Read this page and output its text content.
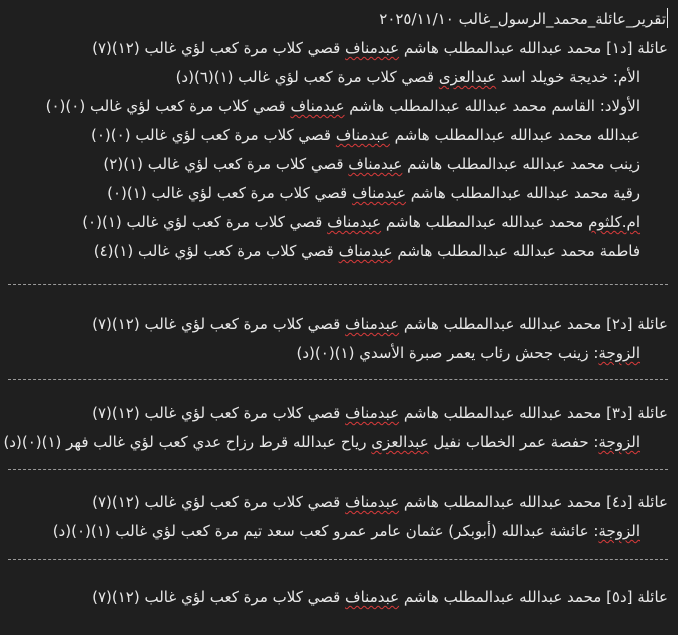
تقرير_عائلة_محمد_الرسول_غالب ٢٠٢٥/١١/١٠
عائلة [د١] محمد عبدالله عبدالمطلب هاشم عبدمناف قصي كلاب مرة كعب لؤي غالب (١٢)(٧)
الأم: خديجة خويلد اسد عبدالعزى قصي كلاب مرة كعب لؤي غالب (١)(٦)(د)
الأولاد: القاسم محمد عبدالله عبدالمطلب هاشم عبدمناف قصي كلاب مرة كعب لؤي غالب (٠)(٠)
عبدالله محمد عبدالله عبدالمطلب هاشم عبدمناف قصي كلاب مرة كعب لؤي غالب (٠)(٠)
زينب محمد عبدالله عبدالمطلب هاشم عبدمناف قصي كلاب مرة كعب لؤي غالب (١)(٢)
رقية محمد عبدالله عبدالمطلب هاشم عبدمناف قصي كلاب مرة كعب لؤي غالب (١)(٠)
ام.كلثوم محمد عبدالله عبدالمطلب هاشم عبدمناف قصي كلاب مرة كعب لؤي غالب (١)(٠)
فاطمة محمد عبدالله عبدالمطلب هاشم عبدمناف قصي كلاب مرة كعب لؤي غالب (١)(٤)
عائلة [د٢] محمد عبدالله عبدالمطلب هاشم عبدمناف قصي كلاب مرة كعب لؤي غالب (١٢)(٧)
الزوجة: زينب جحش رئاب يعمر صبرة الأسدي (١)(٠)(د)
عائلة [د٣] محمد عبدالله عبدالمطلب هاشم عبدمناف قصي كلاب مرة كعب لؤي غالب (١٢)(٧)
الزوجة: حفصة عمر الخطاب نفيل عبدالعزى رياح عبدالله قرط رزاح عدي كعب لؤي غالب فهر (١)(٠)(د)
عائلة [د٤] محمد عبدالله عبدالمطلب هاشم عبدمناف قصي كلاب مرة كعب لؤي غالب (١٢)(٧)
الزوجة: عائشة عبدالله (أبوبكر) عثمان عامر عمرو كعب سعد تيم مرة كعب لؤي غالب (١)(٠)(د)
عائلة [د٥] محمد عبدالله عبدالمطلب هاشم عبدمناف قصي كلاب مرة كعب لؤي غالب (١٢)(٧)
